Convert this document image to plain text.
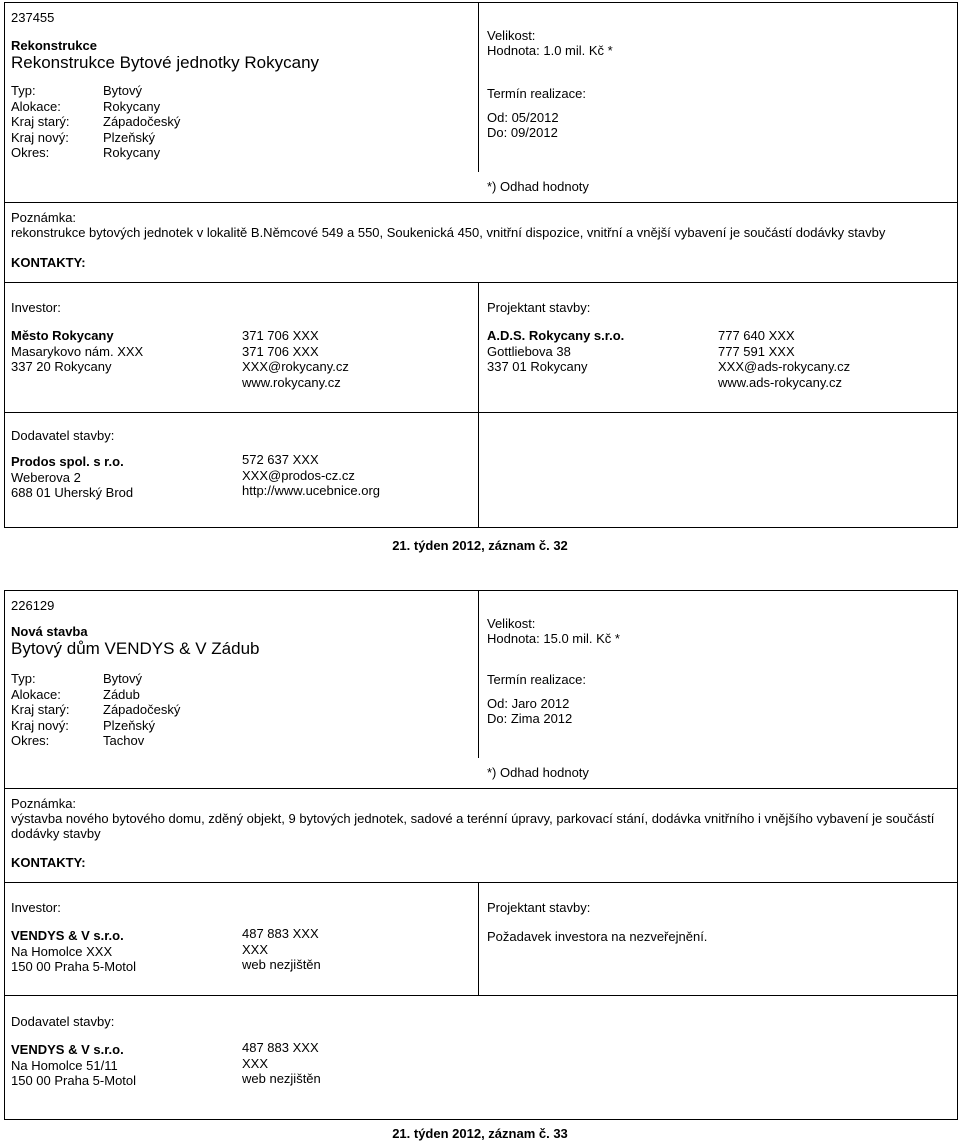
237455
Rekonstrukce
Rekonstrukce Bytové jednotky Rokycany
Typ:
Alokace:
Kraj starý:
Kraj nový:
Okres:
Bytový
Rokycany
Západočeský
Plzeňský
Rokycany
Velikost:
Hodnota: 1.0 mil. Kč *
Termín realizace:
Od: 05/2012
Do: 09/2012
*) Odhad hodnoty
Poznámka:
rekonstrukce bytových jednotek v lokalitě B.Němcové 549 a 550, Soukenická 450, vnitřní dispozice, vnitřní a vnější vybavení je součástí dodávky stavby
KONTAKTY:
Investor:
Město Rokycany
Masarykovo nám. XXX
337 20 Rokycany
371 706 XXX
371 706 XXX
XXX@rokycany.cz
www.rokycany.cz
Projektant stavby:
A.D.S. Rokycany s.r.o.
Gottliebova 38
337 01 Rokycany
777 640 XXX
777 591 XXX
XXX@ads-rokycany.cz
www.ads-rokycany.cz
Dodavatel stavby:
Prodos spol. s r.o.
Weberova 2
688 01 Uherský Brod
572 637 XXX
XXX@prodos-cz.cz
http://www.ucebnice.org
21. týden 2012, záznam č. 32
226129
Nová stavba
Bytový dům VENDYS & V Zádub
Typ:
Alokace:
Kraj starý:
Kraj nový:
Okres:
Bytový
Zádub
Západočeský
Plzeňský
Tachov
Velikost:
Hodnota: 15.0 mil. Kč *
Termín realizace:
Od: Jaro 2012
Do: Zima 2012
*) Odhad hodnoty
Poznámka:
výstavba nového bytového domu, zděný objekt, 9 bytových jednotek, sadové a terénní úpravy, parkovací stání, dodávka vnitřního i vnějšího vybavení je součástí
dodávky stavby
KONTAKTY:
Investor:
VENDYS & V s.r.o.
Na Homolce XXX
150 00 Praha 5-Motol
487 883 XXX
XXX
web nezjištěn
Projektant stavby:
Požadavek investora na nezveřejnění.
Dodavatel stavby:
VENDYS & V s.r.o.
Na Homolce 51/11
150 00 Praha 5-Motol
487 883 XXX
XXX
web nezjištěn
21. týden 2012, záznam č. 33
